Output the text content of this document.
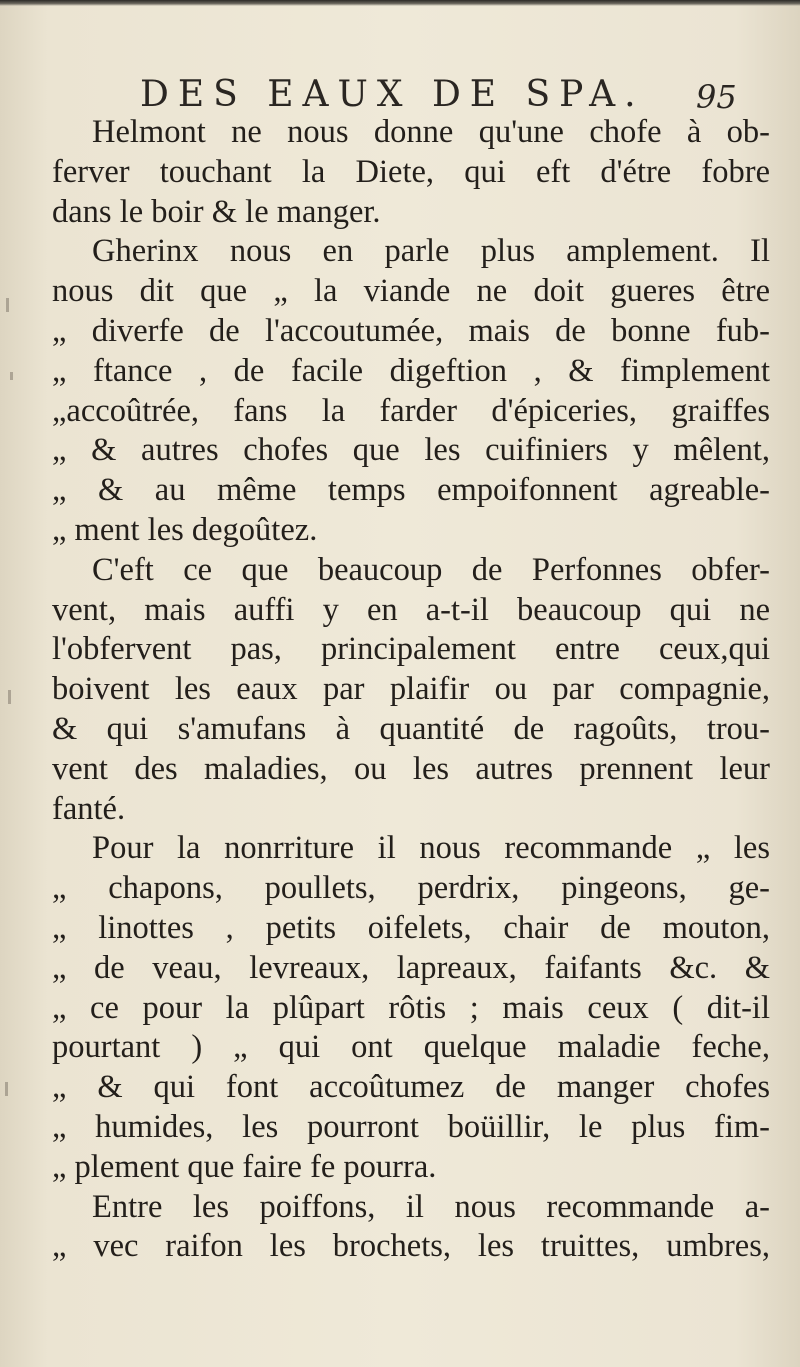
DES EAUX DE SPA. 95
Helmont ne nous donne qu'une chofe à ob-
ferver touchant la Diete, qui eft d'étre fobre
dans le boir & le manger.
Gherinx nous en parle plus amplement. Il
nous dit que „ la viande ne doit gueres être
„ diverfe de l'accoutumée, mais de bonne fub-
„ ftance , de facile digeftion , & fimplement
„accoûtrée, fans la farder d'épiceries, graiffes
„ & autres chofes que les cuifiniers y mêlent,
„ & au même temps empoifonnent agreable-
„ ment les degoûtez.
C'eft ce que beaucoup de Perfonnes obfer-
vent, mais auffi y en a-t-il beaucoup qui ne
l'obfervent pas, principalement entre ceux,qui
boivent les eaux par plaifir ou par compagnie,
& qui s'amufans à quantité de ragoûts, trou-
vent des maladies, ou les autres prennent leur
fanté.
Pour la nonrriture il nous recommande „ les
„ chapons, poullets, perdrix, pingeons, ge-
„ linottes , petits oifelets, chair de mouton,
„ de veau, levreaux, lapreaux, faifants &c. &
„ ce pour la plûpart rôtis ; mais ceux ( dit-il
pourtant ) „ qui ont quelque maladie feche,
„ & qui font accoûtumez de manger chofes
„ humides, les pourront boüillir, le plus fim-
„ plement que faire fe pourra.
Entre les poiffons, il nous recommande a-
„ vec raifon les brochets, les truittes, umbres,
